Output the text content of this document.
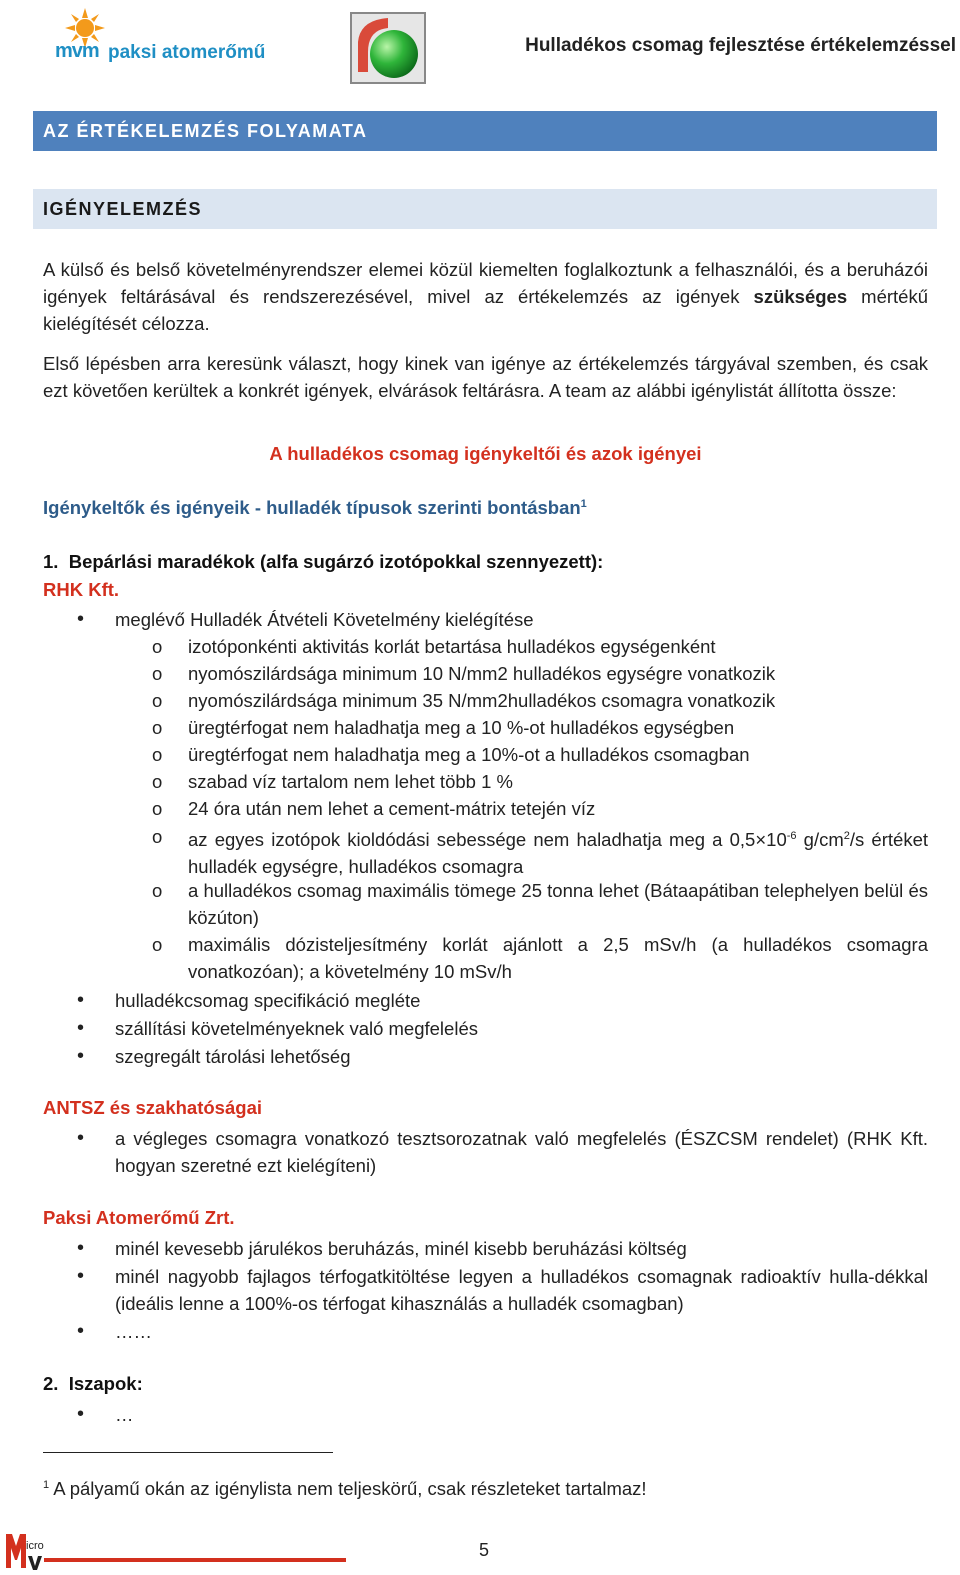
mvm paksi atomerőmű	Hulladékos csomag fejlesztése értékelemzéssel
AZ ÉRTÉKELEMZÉS FOLYAMATA
IGÉNYELEMZÉS
A külső és belső követelményrendszer elemei közül kiemelten foglalkoztunk a felhasználói, és a beruházói igények feltárásával és rendszerezésével, mivel az értékelemzés az igények szükséges mértékű kielégítését célozza.
Első lépésben arra keresünk választ, hogy kinek van igénye az értékelemzés tárgyával szemben, és csak ezt követően kerültek a konkrét igények, elvárások feltárásra. A team az alábbi igénylistát állította össze:
A hulladékos csomag igénykeltői és azok igényei
Igénykeltők és igényeik - hulladék típusok szerinti bontásban$^1$
1. Bepárlási maradékok (alfa sugárzó izotópokkal szennyezett):
RHK Kft.
• meglévő Hulladék Átvételi Követelmény kielégítése
o izotóponkénti aktivitás korlát betartása hulladékos egységenként
o nyomószilárdsága minimum 10 N/mm2 hulladékos egységre vonatkozik
o nyomószilárdsága minimum 35 N/mm2hulladékos csomagra vonatkozik
o üregtérfogat nem haladhatja meg a 10 %-ot hulladékos egységben
o üregtérfogat nem haladhatja meg a 10%-ot a hulladékos csomagban
o szabad víz tartalom nem lehet több 1 %
o 24 óra után nem lehet a cement-mátrix tetején víz
o az egyes izotópok kioldódási sebessége nem haladhatja meg a $0,5\times 10^{-6}$ $g/cm^2/s$ értéket hulladék egységre, hulladékos csomagra
o a hulladékos csomag maximális tömege 25 tonna lehet (Bátaapátiban telephelyen belül és közúton)
o maximális dózisteljesítmény korlát ajánlott a 2,5 mSv/h (a hulladékos csomagra vonatkozóan); a követelmény 10 mSv/h
• hulladékcsomag specifikáció megléte
• szállítási követelményeknek való megfelelés
• szegregált tárolási lehetőség
ANTSZ és szakhatóságai
• a végleges csomagra vonatkozó tesztsorozatnak való megfelelés (ÉSZCSM rendelet) (RHK Kft. hogyan szeretné ezt kielégíteni)
Paksi Atomerőmű Zrt.
• minél kevesebb járulékos beruházás, minél kisebb beruházási költség
• minél nagyobb fajlagos térfogatkitöltése legyen a hulladékos csomagnak radioaktív hulla-dékkal (ideális lenne a 100%-os térfogat kihasználás a hulladék csomagban)
• ……
2. Iszapok:
• …
$^1$ A pályamű okán az igénylista nem teljeskörű, csak részleteket tartalmaz!
icro	5
